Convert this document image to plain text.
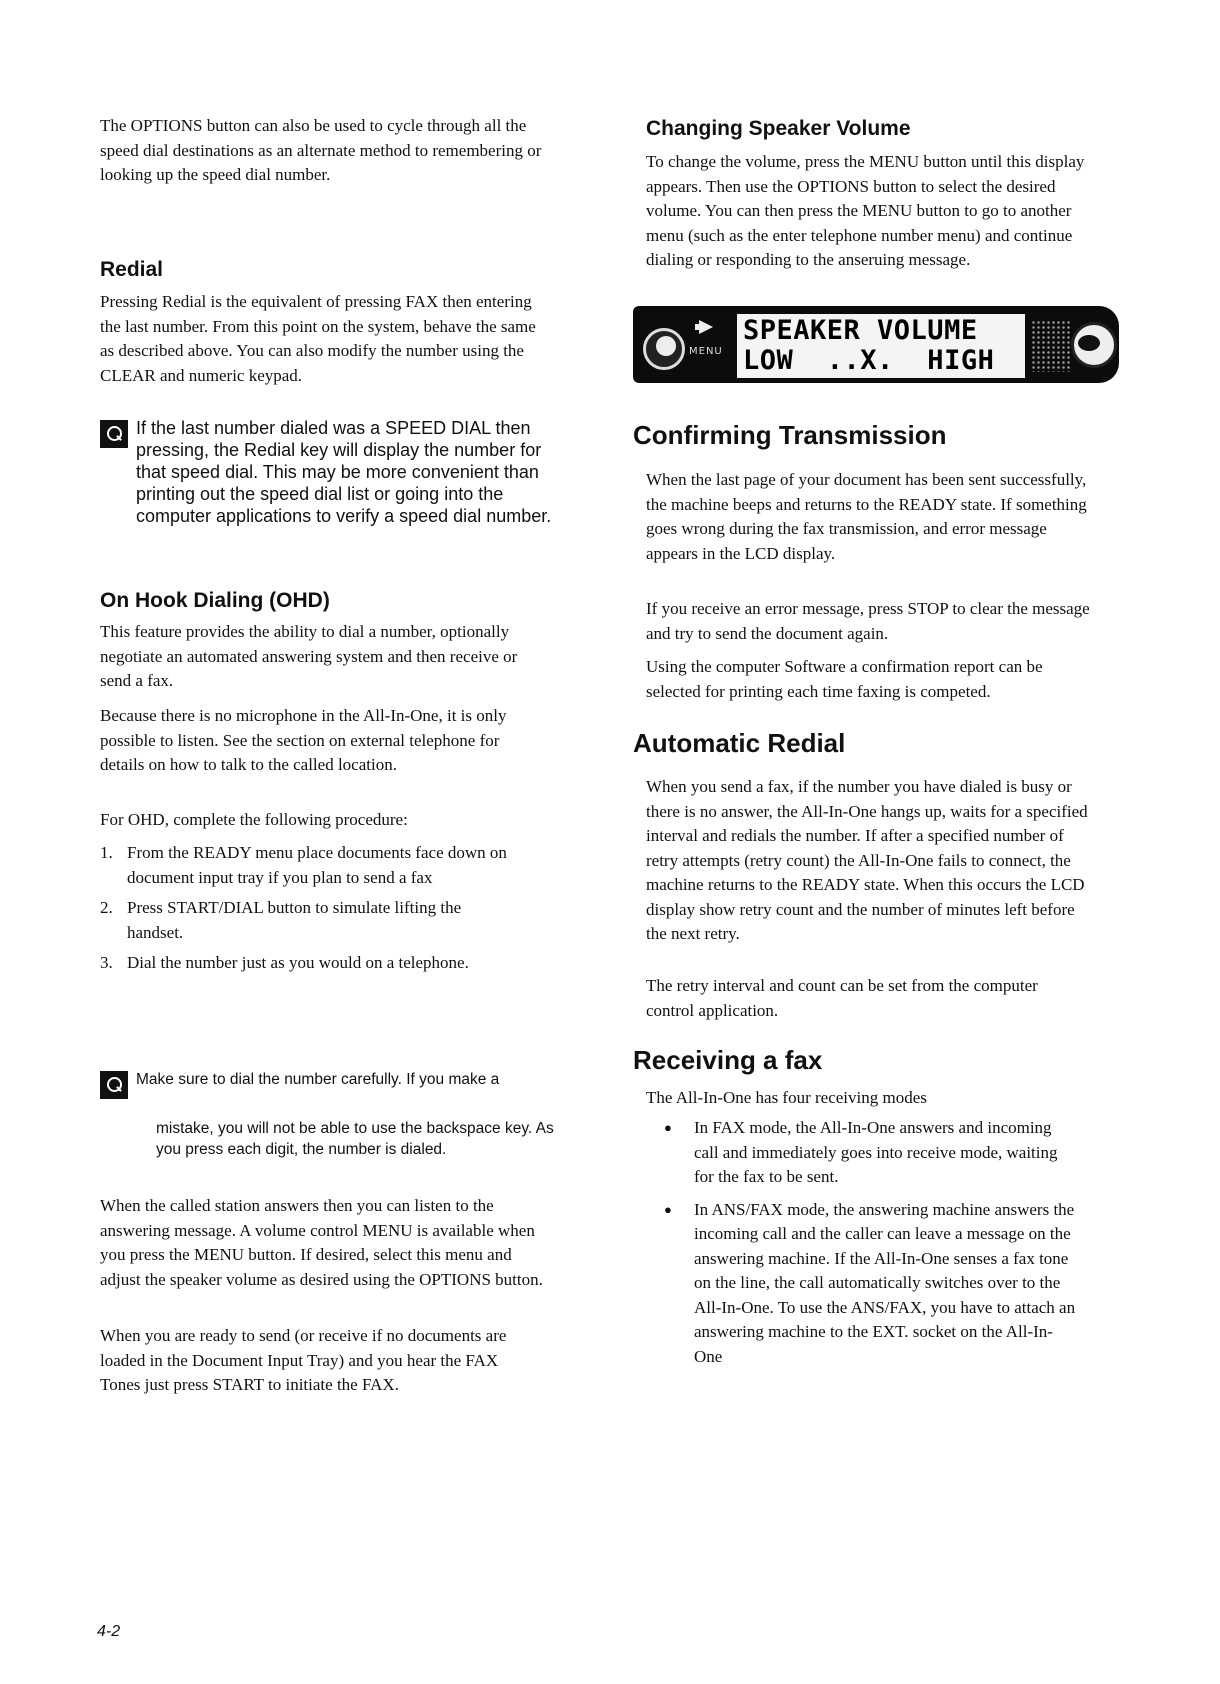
The OPTIONS button can also be used to cycle through all the speed dial destinations as an alternate method to remembering or looking up the speed dial number.

Redial

Pressing Redial is the equivalent of pressing FAX then entering the last number. From this point on the system, behave the same as described above. You can also modify the number using the CLEAR and numeric keypad.

If the last number dialed was a SPEED DIAL then pressing, the Redial key will display the number for that speed dial. This may be more convenient than printing out the speed dial list or going into the computer applications to verify a speed dial number.
On Hook Dialing (OHD)

This feature provides the ability to dial a number, optionally negotiate an automated answering system and then receive or send a fax.

Because there is no microphone in the All-In-One, it is only possible to listen. See the section on external telephone for details on how to talk to the called location.

For OHD, complete the following procedure:

1. From the READY menu place documents face down on document input tray if you plan to send a fax
2. Press START/DIAL button to simulate lifting the handset.
3. Dial the number just as you would on a telephone.
Make sure to dial the number carefully. If you make a
mistake, you will not be able to use the backspace key. As you press each digit, the number is dialed.

When the called station answers then you can listen to the answering message. A volume control MENU is available when you press the MENU button. If desired, select this menu and adjust the speaker volume as desired using the OPTIONS button.

When you are ready to send (or receive if no documents are loaded in the Document Input Tray) and you hear the FAX Tones just press START to initiate the FAX.

Changing Speaker Volume

To change the volume, press the MENU button until this display appears. Then use the OPTIONS button to select the desired volume. You can then press the MENU button to go to another menu (such as the enter telephone number menu) and continue dialing or responding to the anseruing message.

MENU
SPEAKER VOLUME
LOW  ..X.  HIGH
Confirming Transmission

When the last page of your document has been sent successfully, the machine beeps and returns to the READY state. If something goes wrong during the fax transmission, and error message appears in the LCD display.

If you receive an error message, press STOP to clear the message and try to send the document again.

Using the computer Software a confirmation report can be selected for printing each time faxing is competed.

Automatic Redial

When you send a fax, if the number you have dialed is busy or there is no answer, the All-In-One hangs up, waits for a specified interval and redials the number. If after a specified number of retry attempts (retry count) the All-In-One fails to connect, the machine returns to the READY state. When this occurs the LCD display show retry count and the number of minutes left before the next retry.

The retry interval and count can be set from the computer control application.

Receiving a fax

The All-In-One has four receiving modes

● In FAX mode, the All-In-One answers and incoming call and immediately goes into receive mode, waiting for the fax to be sent.
● In ANS/FAX mode, the answering machine answers the incoming call and the caller can leave a message on the answering machine. If the All-In-One senses a fax tone on the line, the call automatically switches over to the All-In-One. To use the ANS/FAX, you have to attach an answering machine to the EXT. socket on the All-In-One
4-2
